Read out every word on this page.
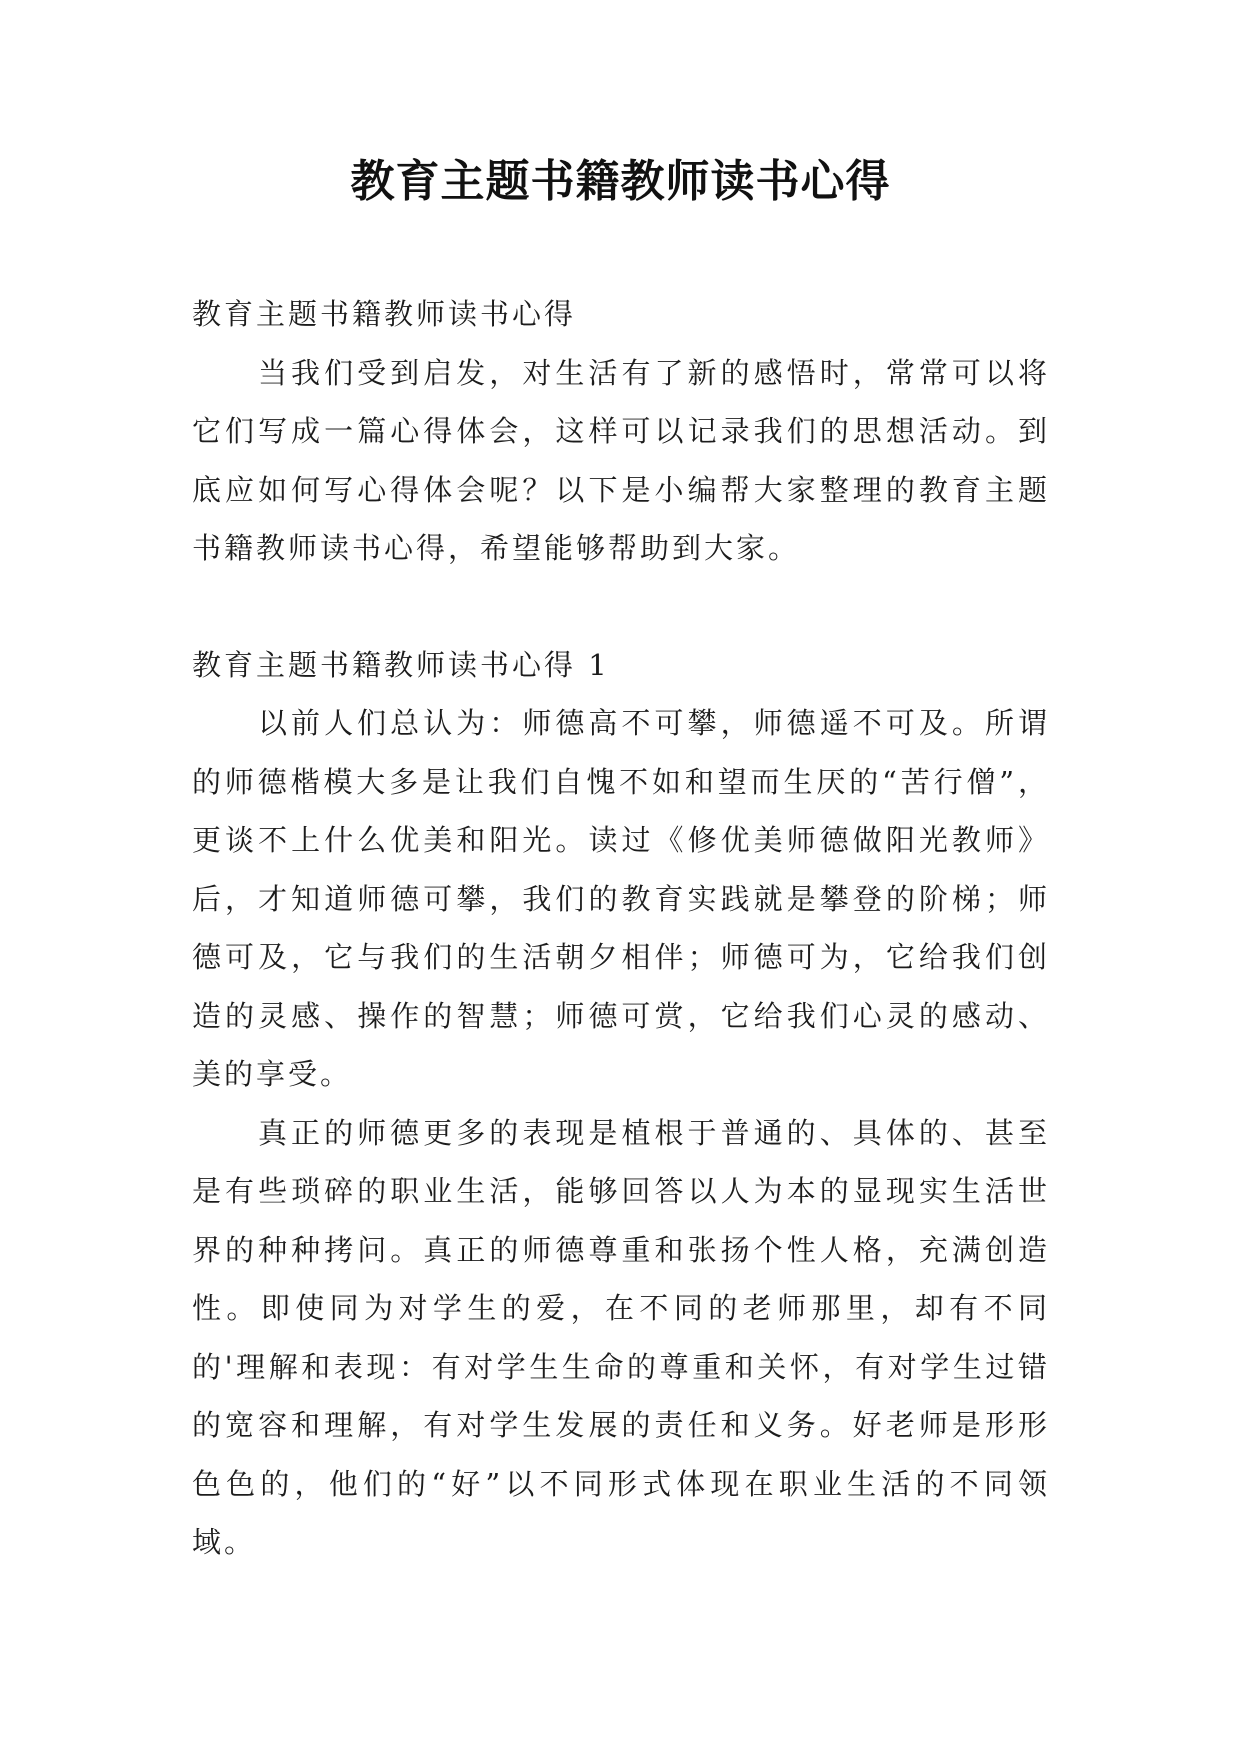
教育主题书籍教师读书心得

教育主题书籍教师读书心得

当我们受到启发，对生活有了新的感悟时，常常可以将它们写成一篇心得体会，这样可以记录我们的思想活动。到底应如何写心得体会呢？以下是小编帮大家整理的教育主题书籍教师读书心得，希望能够帮助到大家。

教育主题书籍教师读书心得 1

以前人们总认为：师德高不可攀，师德遥不可及。所谓的师德楷模大多是让我们自愧不如和望而生厌的“苦行僧”，更谈不上什么优美和阳光。读过《修优美师德做阳光教师》后，才知道师德可攀，我们的教育实践就是攀登的阶梯；师德可及，它与我们的生活朝夕相伴；师德可为，它给我们创造的灵感、操作的智慧；师德可赏，它给我们心灵的感动、美的享受。

真正的师德更多的表现是植根于普通的、具体的、甚至是有些琐碎的职业生活，能够回答以人为本的显现实生活世界的种种拷问。真正的师德尊重和张扬个性人格，充满创造性。即使同为对学生的爱，在不同的老师那里，却有不同的'理解和表现：有对学生生命的尊重和关怀，有对学生过错的宽容和理解，有对学生发展的责任和义务。好老师是形形色色的，他们的“好”以不同形式体现在职业生活的不同领域。
